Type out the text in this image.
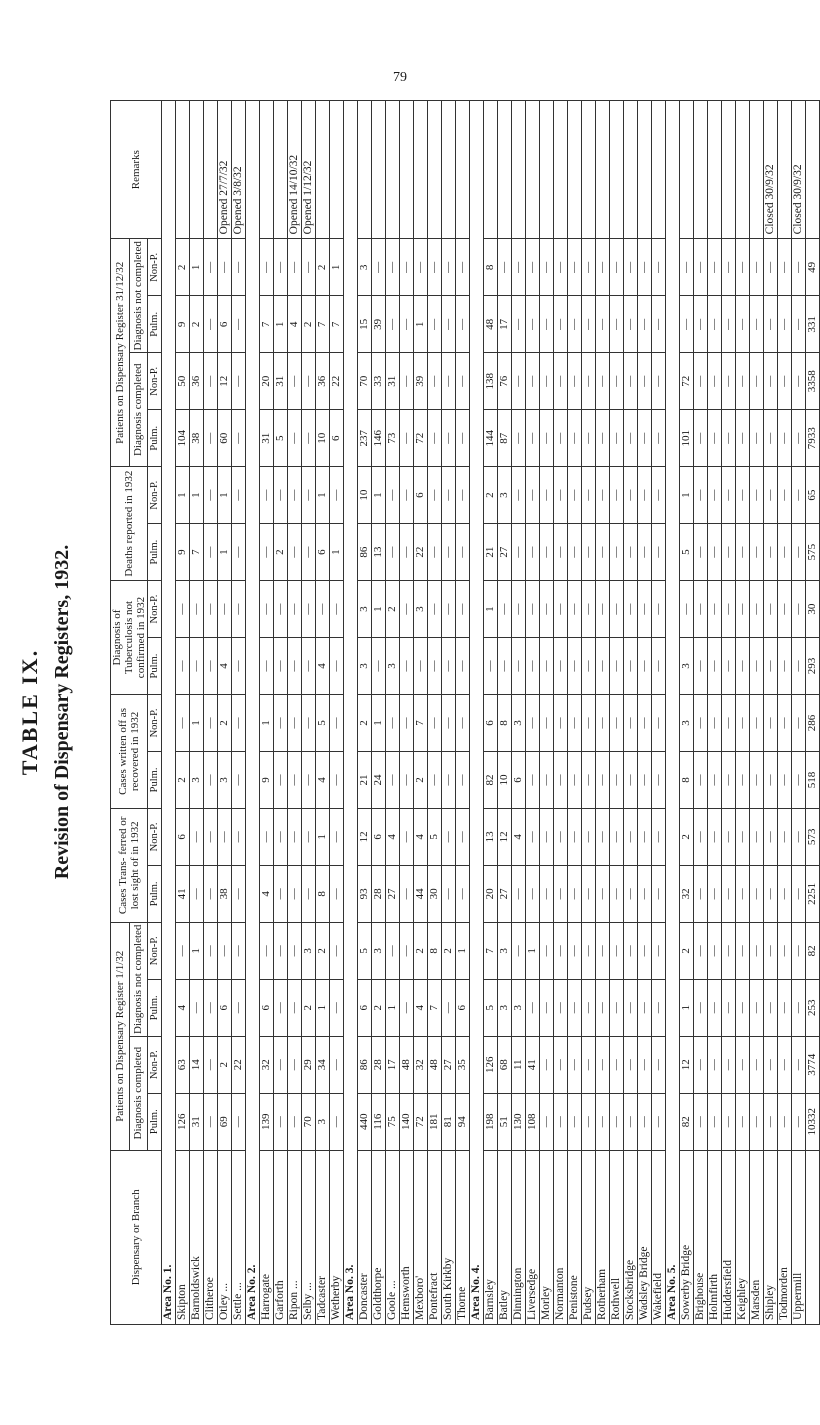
79
TABLE IX. Revision of Dispensary Registers, 1932.
Dispensary or Branch	Patients on Dispensary Register 1/1/32				Cases Trans- ferred or lost sight of in 1932		Cases written off as recovered in 1932		Diagnosis of Tuberculosis not confirmed in 1932		Deaths reported in 1932		Patients on Dispensary Register 31/12/32				Remarks
	Diagnosis completed		Diagnosis not completed										Diagnosis completed		Diagnosis not completed		
	Pulm.	Non-P.	Pulm.	Non-P.	Pulm.	Non-P.	Pulm.	Non-P.	Pulm.	Non-P.	Pulm.	Non-P.	Pulm.	Non-P.	Pulm.	Non-P.	
Area No. 1.																	
Skipton	126	63	4	—	41	6	2	—	—	—	9	1	104	50	9	2	
Barnoldswick	31	14	—	1	—	—	3	1	—	—	7	1	38	36	2	1	
Clitheroe	—	—	—	—	—	—	—	—	—	—	—	—	—	—	—	—	
Otley ...	69	2	6	—	38	—	3	2	4	—	1	1	60	12	6	—	Opened 27/7/32
Settle ...	—	22	—	—	—	—	—	—	—	—	—	—	—	—	—	—	Opened 3/8/32
Area No. 2.																	
Harrogate	139	32	6	—	4	—	9	1	—	—	—	—	31	20	7	—	
Garforth	—	—	—	—	—	—	—	—	—	—	2	—	5	31	1	—	
Ripon ...	—	—	—	—	—	—	—	—	—	—	—	—	—	—	4	—	Opened 14/10/32
Selby ...	70	29	2	3	—	—	—	—	—	—	—	—	—	—	2	—	Opened 1/12/32
Tadcaster	3	34	1	2	8	1	4	5	4	—	6	1	10	36	7	2	
Wetherby	—	—	—	—	—	—	—	—	—	—	1	—	6	22	7	1	
Area No. 3.																	
Doncaster	440	86	6	5	93	12	21	2	3	3	86	10	237	70	15	3	
Goldthorpe	116	28	2	3	28	6	24	1	—	1	13	1	146	33	39	—	
Goole ...	75	17	1	—	27	4	—	—	3	2	—	—	73	31	—	—	
Hemsworth	140	48	—	—	—	—	—	—	—	—	—	—	—	—	—	—	
Mexboro'	72	32	4	2	44	4	2	7	—	3	22	6	72	39	1	—	
Pontefract	181	48	7	8	30	5	—	—	—	—	—	—	—	—	—	—	
South Kirkby	81	27	—	2	—	—	—	—	—	—	—	—	—	—	—	—	
Thorne	94	35	6	1	—	—	—	—	—	—	—	—	—	—	—	—	
Area No. 4.																	
Barnsley	198	126	5	7	20	13	82	6	—	1	21	2	144	138	48	8	
Batley	51	68	3	3	27	12	10	8	—	—	27	3	87	76	17	—	
Dinnington	130	11	3	—	—	4	6	3	—	—	—	—	—	—	—	—	
Liversedge	108	41	—	1	—	—	—	—	—	—	—	—	—	—	—	—	
Morley	—	—	—	—	—	—	—	—	—	—	—	—	—	—	—	—	
Normanton	—	—	—	—	—	—	—	—	—	—	—	—	—	—	—	—	
Penistone	—	—	—	—	—	—	—	—	—	—	—	—	—	—	—	—	
Pudsey	—	—	—	—	—	—	—	—	—	—	—	—	—	—	—	—	
Rotherham	—	—	—	—	—	—	—	—	—	—	—	—	—	—	—	—	
Rothwell	—	—	—	—	—	—	—	—	—	—	—	—	—	—	—	—	
Stocksbridge	—	—	—	—	—	—	—	—	—	—	—	—	—	—	—	—	
Wadsley Bridge	—	—	—	—	—	—	—	—	—	—	—	—	—	—	—	—	
Wakefield	—	—	—	—	—	—	—	—	—	—	—	—	—	—	—	—	
Area No. 5.																	
Sowerby Bridge	82	12	1	2	32	2	8	3	3	—	5	1	101	72	—	—	
Brighouse	—	—	—	—	—	—	—	—	—	—	—	—	—	—	—	—	
Holmfirth	—	—	—	—	—	—	—	—	—	—	—	—	—	—	—	—	
Huddersfield	—	—	—	—	—	—	—	—	—	—	—	—	—	—	—	—	
Keighley	—	—	—	—	—	—	—	—	—	—	—	—	—	—	—	—	
Marsden	—	—	—	—	—	—	—	—	—	—	—	—	—	—	—	—	
Shipley	—	—	—	—	—	—	—	—	—	—	—	—	—	—	—	—	Closed 30/9/32
Todmorden	—	—	—	—	—	—	—	—	—	—	—	—	—	—	—	—	
Uppermill	—	—	—	—	—	—	—	—	—	—	—	—	—	—	—	—	Closed 30/9/32
	10332	3774	253	82	2251	573	518	286	293	30	575	65	7933	3358	331	49	
